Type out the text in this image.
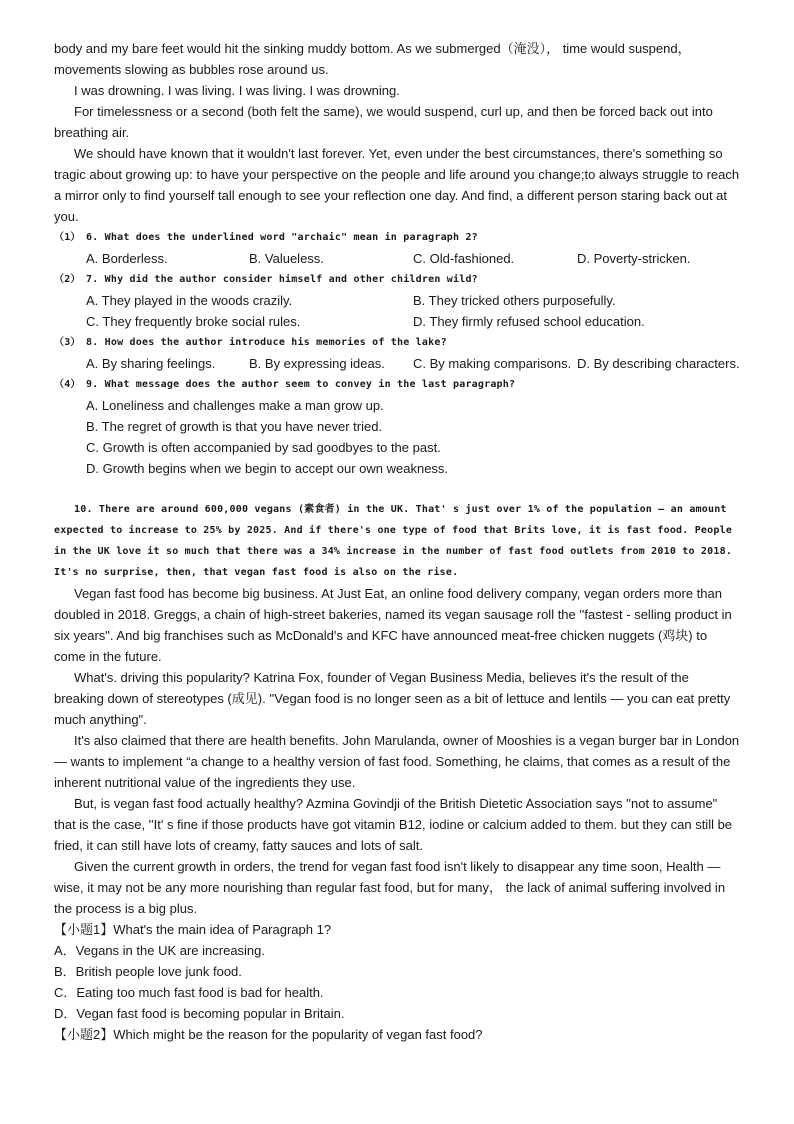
body and my bare feet would hit the sinking muddy bottom. As we submerged（淹没）， time would suspend，movements slowing as bubbles rose around us.

I was drowning. I was living. I was living. I was drowning.

For timelessness or a second (both felt the same), we would suspend, curl up, and then be forced back out into breathing air.

We should have known that it wouldn't last forever. Yet, even under the best circumstances, there's something so tragic about growing up: to have your perspective on the people and life around you change;to always struggle to reach a mirror only to find yourself tall enough to see your reflection one day. And find, a different person staring back out at you.

（1） 6. What does the underlined word "archaic" mean in paragraph 2?
A. Borderless.	B. Valueless.	C. Old-fashioned.	D. Poverty-stricken.
（2） 7. Why did the author consider himself and other children wild?
A. They played in the woods crazily.	B. They tricked others purposefully.
C. They frequently broke social rules.	D. They firmly refused school education.
（3） 8. How does the author introduce his memories of the lake?
A. By sharing feelings.	B. By expressing ideas.	C. By making comparisons. D. By describing characters.
（4） 9. What message does the author seem to convey in the last paragraph?

A. Loneliness and challenges make a man grow up.

B. The regret of growth is that you have never tried.

C. Growth is often accompanied by sad goodbyes to the past.

D. Growth begins when we begin to accept our own weakness.

10. There are around 600,000 vegans (素食者) in the UK. That' s just over 1% of the population — an amount expected to increase to 25% by 2025. And if there's one type of food that Brits love, it is fast food. People in the UK love it so much that there was a 34% increase in the number of fast food outlets from 2010 to 2018. It's no surprise, then, that vegan fast food is also on the rise.

Vegan fast food has become big business. At Just Eat, an online food delivery company, vegan orders more than doubled in 2018. Greggs, a chain of high-street bakeries, named its vegan sausage roll the ''fastest - selling product in six years". And big franchises such as McDonald's and KFC have announced meat-free chicken nuggets (鸡块) to come in the future.

What's. driving this popularity? Katrina Fox, founder of Vegan Business Media, believes it's the result of the breaking down of stereotypes (成见). ''Vegan food is no longer seen as a bit of lettuce and lentils — you can eat pretty much anything".

It's also claimed that there are health benefits. John Marulanda, owner of Mooshies is a vegan burger bar in London — wants to implement “a change to a healthy version of fast food. Something, he claims, that comes as a result of the inherent nutritional value of the ingredients they use.

But, is vegan fast food actually healthy? Azmina Govindji of the British Dietetic Association says ''not to assume" that is the case, ''It' s fine if those products have got vitamin B12, iodine or calcium added to them. but they can still be fried, it can still have lots of creamy, fatty sauces and lots of salt.

Given the current growth in orders, the trend for vegan fast food isn't likely to disappear any time soon, Health — wise, it may not be any more nourishing than regular fast food, but for many， the lack of animal suffering involved in the process is a big plus.

【小题1】What's the main idea of Paragraph 1?

A．Vegans in the UK are increasing.

B．British people love junk food.

C．Eating too much fast food is bad for health.

D．Vegan fast food is becoming popular in Britain.

【小题2】Which might be the reason for the popularity of vegan fast food?
